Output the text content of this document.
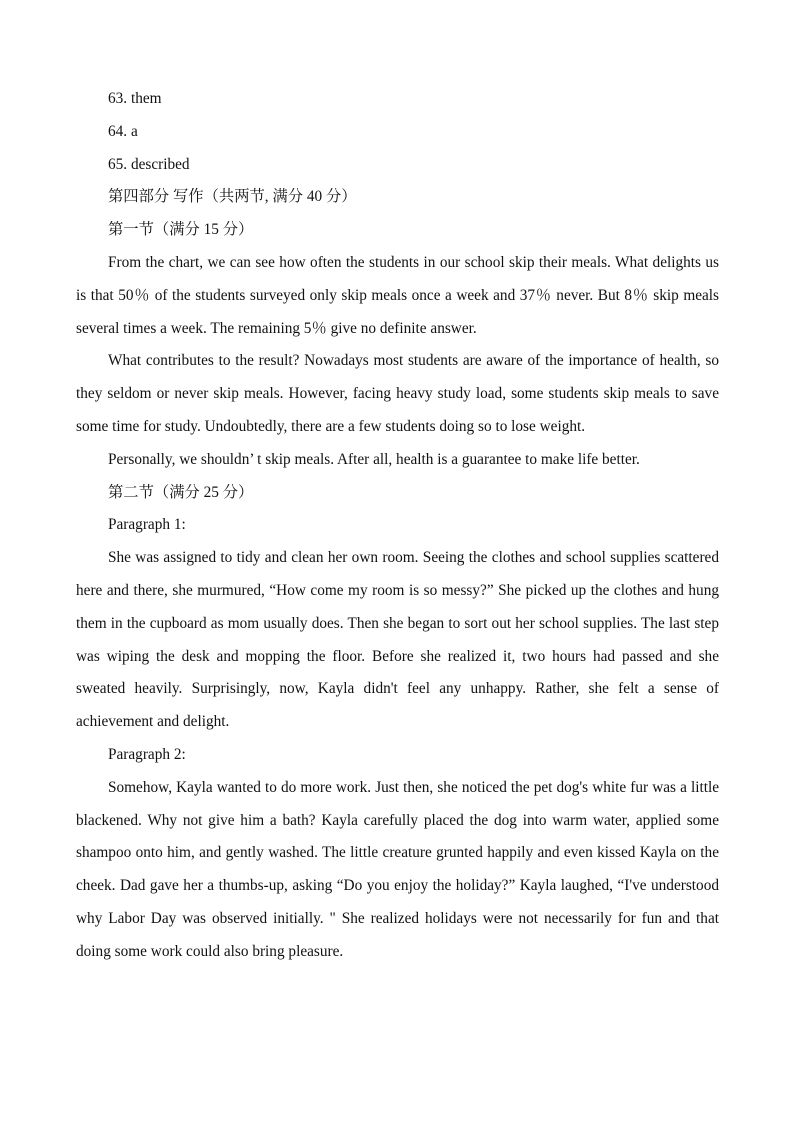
63. them
64. a
65. described
第四部分 写作（共两节, 满分 40 分）
第一节（满分 15 分）

From the chart, we can see how often the students in our school skip their meals. What delights us is that 50％ of the students surveyed only skip meals once a week and 37％ never. But 8％ skip meals several times a week. The remaining 5％ give no definite answer.

What contributes to the result? Nowadays most students are aware of the importance of health, so they seldom or never skip meals. However, facing heavy study load, some students skip meals to save some time for study. Undoubtedly, there are a few students doing so to lose weight.

Personally, we shouldn’ t skip meals. After all, health is a guarantee to make life better.

第二节（满分 25 分）
Paragraph 1:

She was assigned to tidy and clean her own room. Seeing the clothes and school supplies scattered here and there, she murmured, “How come my room is so messy?” She picked up the clothes and hung them in the cupboard as mom usually does. Then she began to sort out her school supplies. The last step was wiping the desk and mopping the floor. Before she realized it, two hours had passed and she sweated heavily. Surprisingly, now, Kayla didn't feel any unhappy. Rather, she felt a sense of achievement and delight.

Paragraph 2:

Somehow, Kayla wanted to do more work. Just then, she noticed the pet dog's white fur was a little blackened. Why not give him a bath? Kayla carefully placed the dog into warm water, applied some shampoo onto him, and gently washed. The little creature grunted happily and even kissed Kayla on the cheek. Dad gave her a thumbs-up, asking “Do you enjoy the holiday?” Kayla laughed, “I've understood why Labor Day was observed initially. " She realized holidays were not necessarily for fun and that doing some work could also bring pleasure.
